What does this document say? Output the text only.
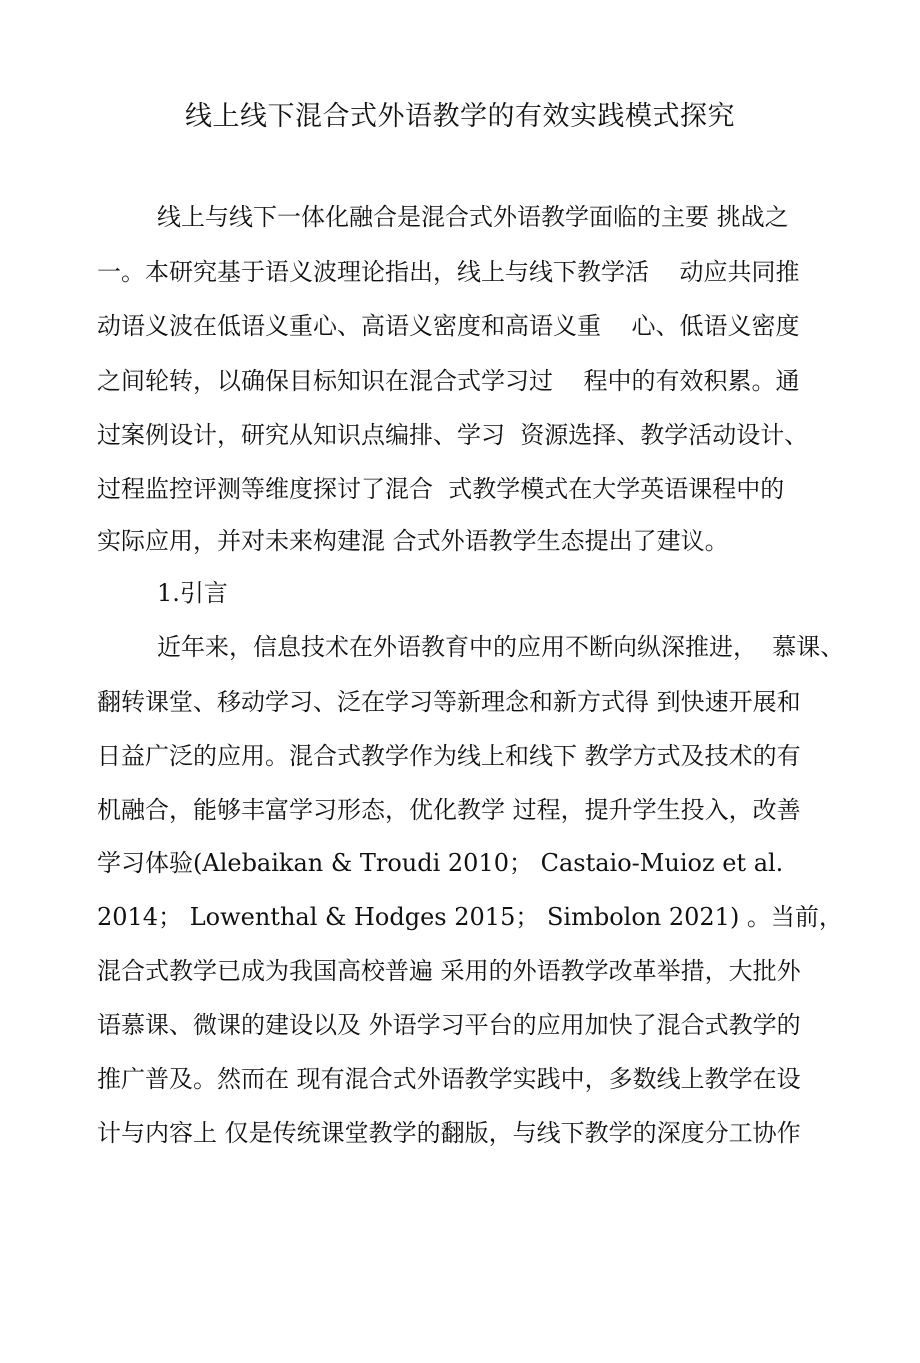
线上线下混合式外语教学的有效实践模式探究
线上与线下一体化融合是混合式外语教学面临的主要 挑战之
一。本研究基于语义波理论指出，线上与线下教学活    动应共同推
动语义波在低语义重心、高语义密度和高语义重    心、低语义密度
之间轮转，以确保目标知识在混合式学习过    程中的有效积累。通
过案例设计，研究从知识点编排、学习  资源选择、教学活动设计、
过程监控评测等维度探讨了混合  式教学模式在大学英语课程中的
实际应用，并对未来构建混 合式外语教学生态提出了建议。
1.引言
近年来，信息技术在外语教育中的应用不断向纵深推进，  慕课、
翻转课堂、移动学习、泛在学习等新理念和新方式得 到快速开展和
日益广泛的应用。混合式教学作为线上和线下 教学方式及技术的有
机融合，能够丰富学习形态，优化教学 过程，提升学生投入，改善
学习体验(Alebaikan & Troudi 2010； Castaio-Muioz et al.
2014； Lowenthal & Hodges 2015； Simbolon 2021) 。当前，
混合式教学已成为我国高校普遍 采用的外语教学改革举措，大批外
语慕课、微课的建设以及 外语学习平台的应用加快了混合式教学的
推广普及。然而在 现有混合式外语教学实践中，多数线上教学在设
计与内容上 仅是传统课堂教学的翻版，与线下教学的深度分工协作
